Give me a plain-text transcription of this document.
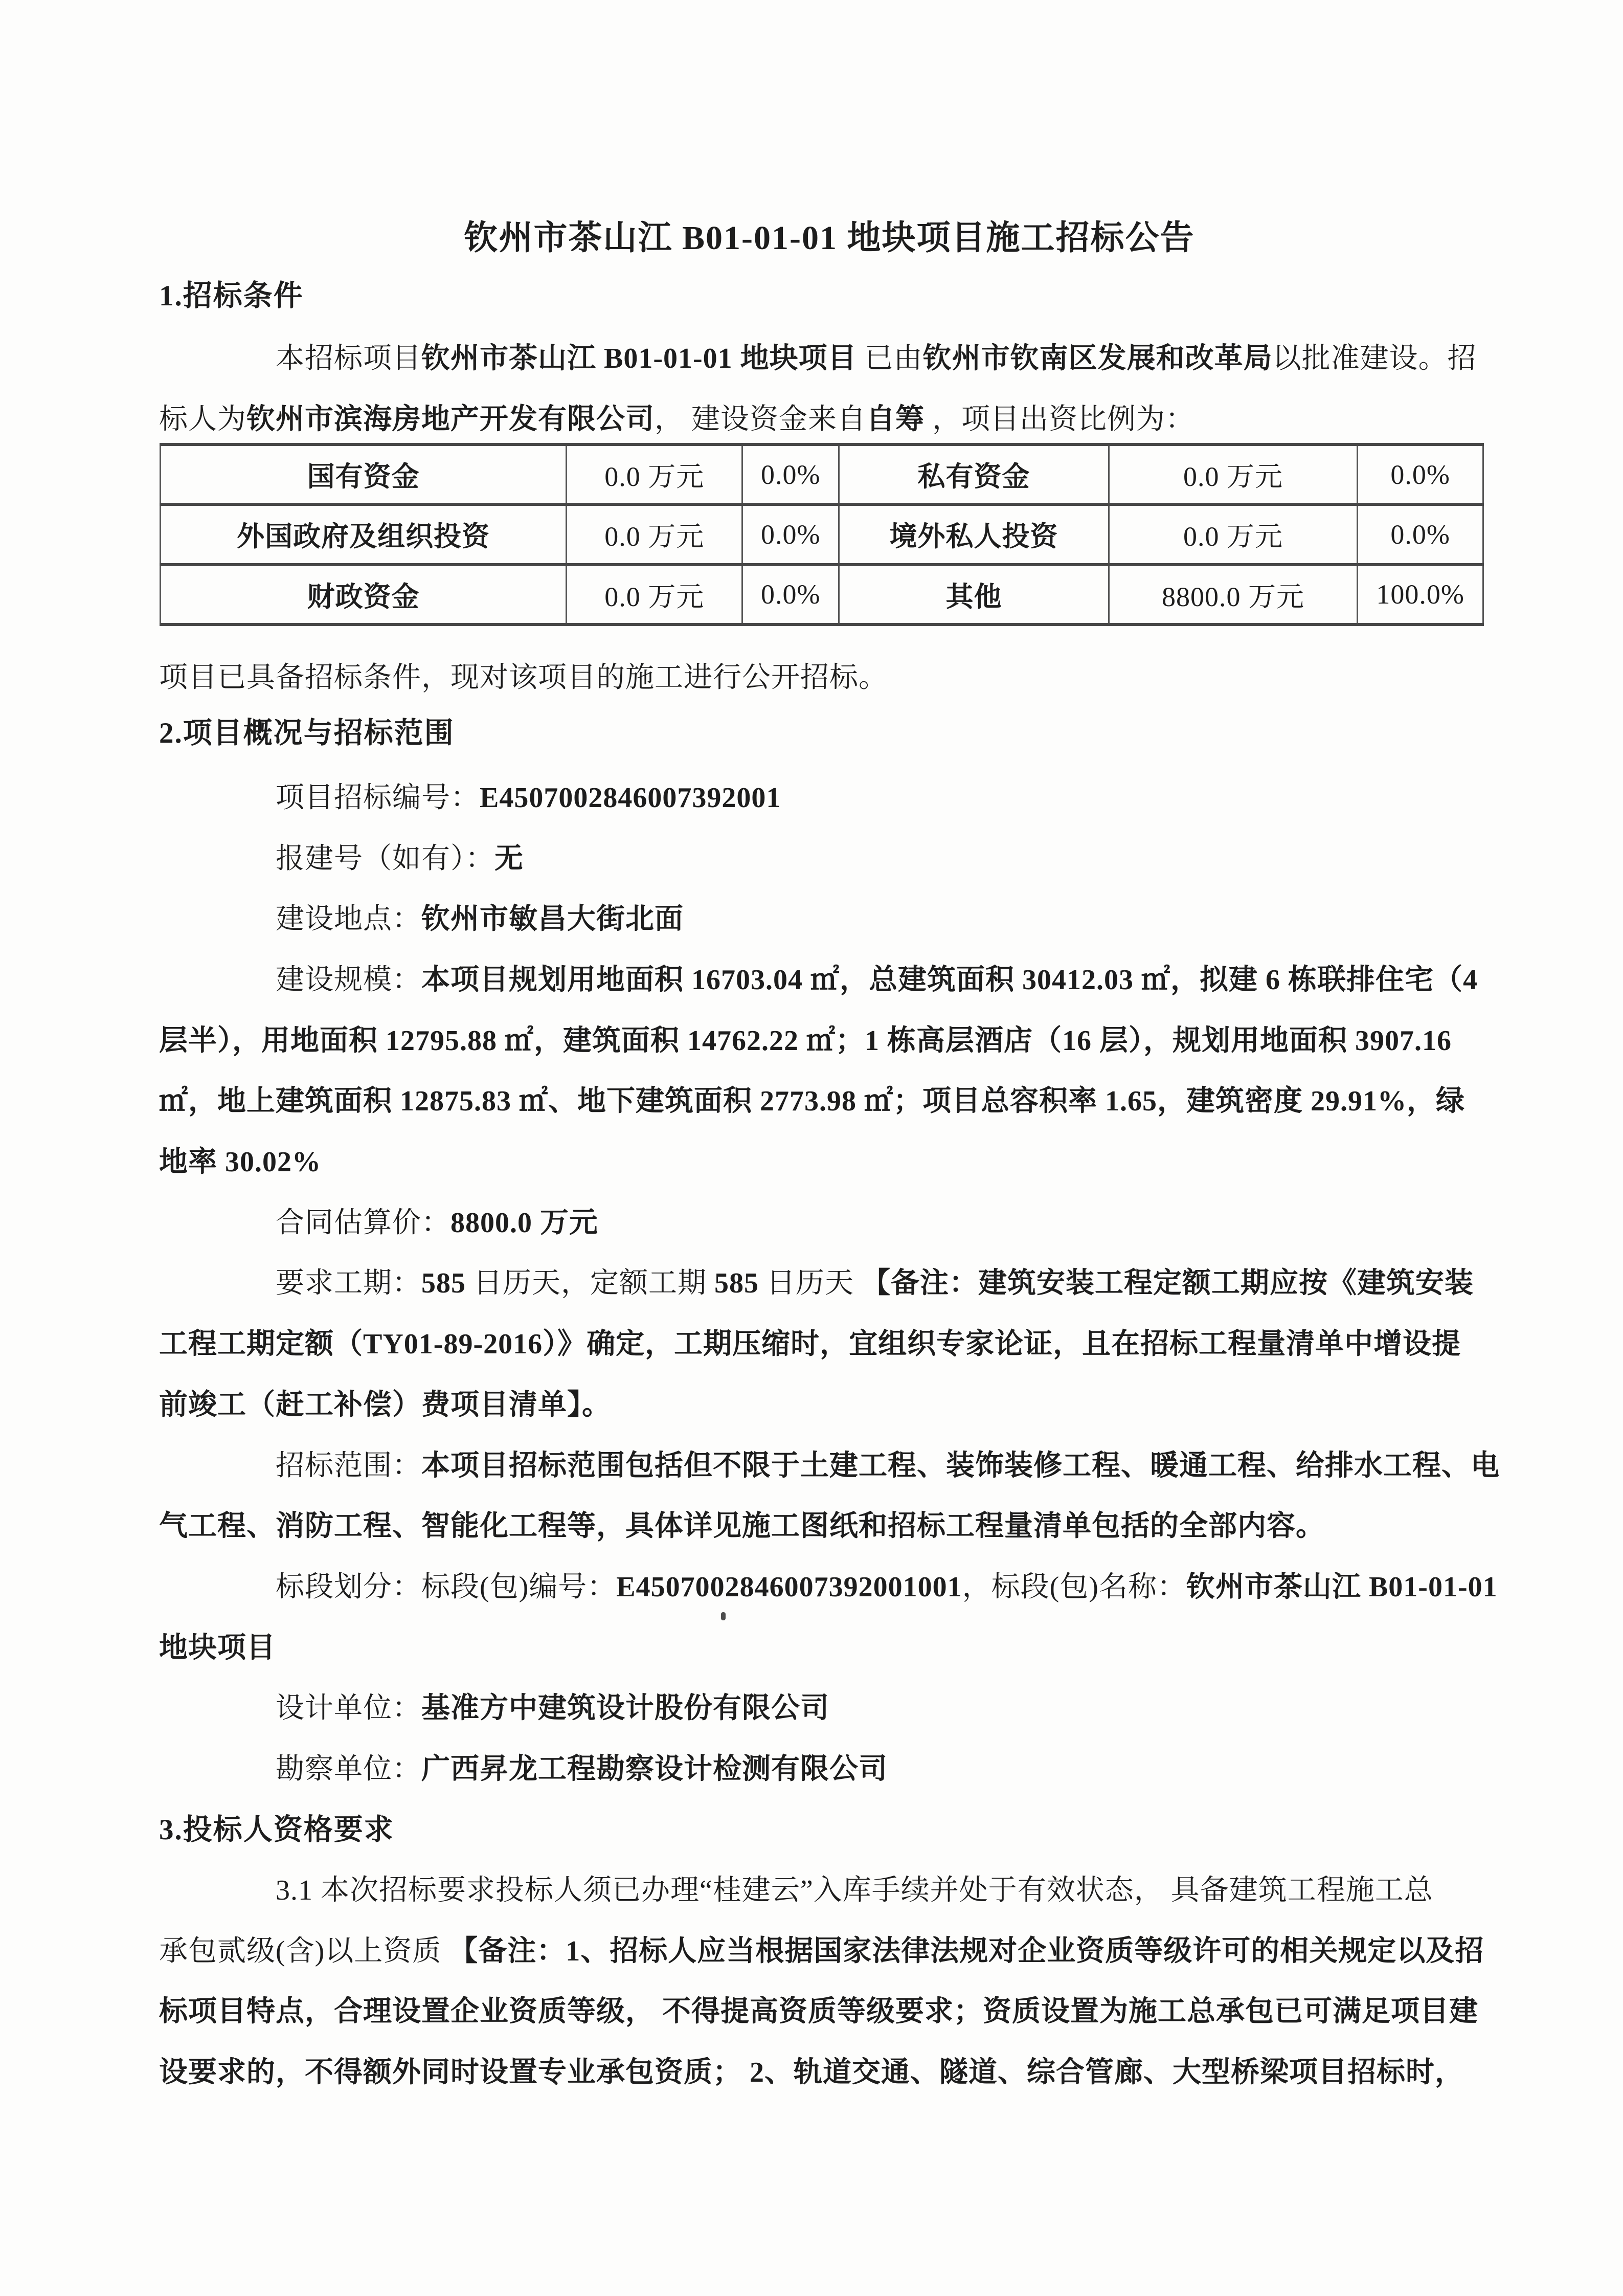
钦州市茶山江 B01-01-01 地块项目施工招标公告
1.招标条件
本招标项目钦州市茶山江 B01-01-01 地块项目 已由钦州市钦南区发展和改革局以批准建设。招
标人为钦州市滨海房地产开发有限公司， 建设资金来自自筹 ，项目出资比例为：
国有资金	0.0 万元	0.0%	私有资金	0.0 万元	0.0%
外国政府及组织投资	0.0 万元	0.0%	境外私人投资	0.0 万元	0.0%
财政资金	0.0 万元	0.0%	其他	8800.0 万元	100.0%
项目已具备招标条件，现对该项目的施工进行公开招标。
2.项目概况与招标范围
项目招标编号：E4507002846007392001
报建号（如有）：无
建设地点：钦州市敏昌大街北面
建设规模：本项目规划用地面积 16703.04 ㎡，总建筑面积 30412.03 ㎡，拟建 6 栋联排住宅（4
层半），用地面积 12795.88 ㎡，建筑面积 14762.22 ㎡；1 栋高层酒店（16 层），规划用地面积 3907.16
㎡，地上建筑面积 12875.83 ㎡、地下建筑面积 2773.98 ㎡；项目总容积率 1.65，建筑密度 29.91%，绿
地率 30.02%
合同估算价：8800.0 万元
要求工期：585 日历天，定额工期 585 日历天 【备注：建筑安装工程定额工期应按《建筑安装
工程工期定额（TY01-89-2016）》确定，工期压缩时，宜组织专家论证，且在招标工程量清单中增设提
前竣工（赶工补偿）费项目清单】。
招标范围：本项目招标范围包括但不限于土建工程、装饰装修工程、暖通工程、给排水工程、电
气工程、消防工程、智能化工程等，具体详见施工图纸和招标工程量清单包括的全部内容。
标段划分：标段(包)编号：E4507002846007392001001，标段(包)名称：钦州市茶山江 B01-01-01
地块项目
设计单位：基准方中建筑设计股份有限公司
勘察单位：广西昇龙工程勘察设计检测有限公司
3.投标人资格要求
3.1 本次招标要求投标人须已办理“桂建云”入库手续并处于有效状态， 具备建筑工程施工总
承包贰级(含)以上资质 【备注：1、招标人应当根据国家法律法规对企业资质等级许可的相关规定以及招
标项目特点，合理设置企业资质等级， 不得提高资质等级要求；资质设置为施工总承包已可满足项目建
设要求的，不得额外同时设置专业承包资质； 2、轨道交通、隧道、综合管廊、大型桥梁项目招标时，
